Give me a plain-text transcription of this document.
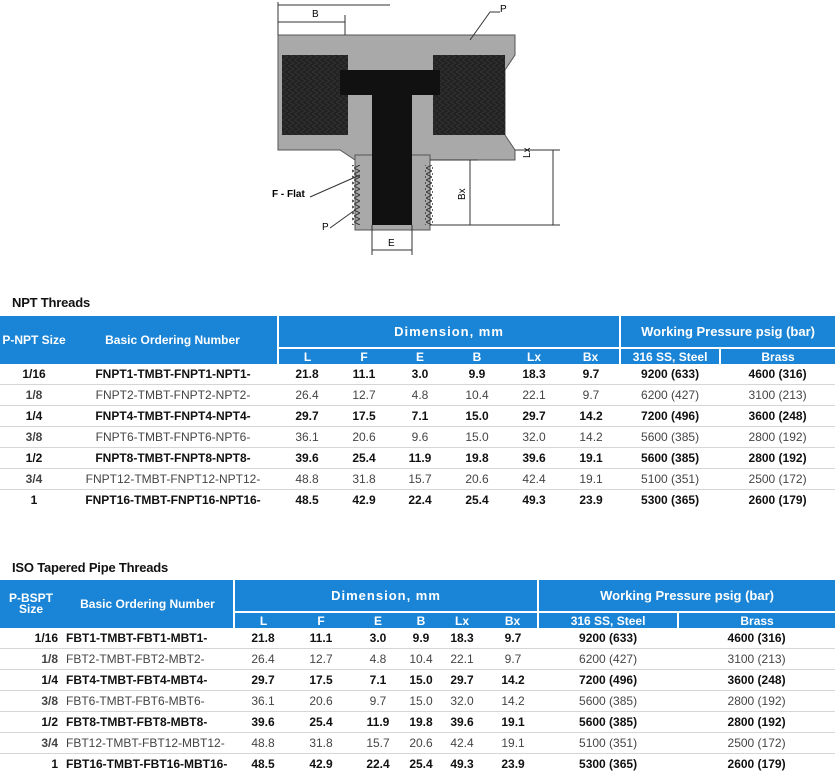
B	P
Lx
Bx
F - Flat
P
E
NPT Threads
P-NPT Size	Basic Ordering Number	Dimension, mm						Working Pressure psig (bar)	
		L	F	E	B	Lx	Bx	316 SS, Steel	Brass
1/16	FNPT1-TMBT-FNPT1-NPT1-	21.8	11.1	3.0	9.9	18.3	9.7	9200 (633)	4600 (316)
1/8	FNPT2-TMBT-FNPT2-NPT2-	26.4	12.7	4.8	10.4	22.1	9.7	6200 (427)	3100 (213)
1/4	FNPT4-TMBT-FNPT4-NPT4-	29.7	17.5	7.1	15.0	29.7	14.2	7200 (496)	3600 (248)
3/8	FNPT6-TMBT-FNPT6-NPT6-	36.1	20.6	9.6	15.0	32.0	14.2	5600 (385)	2800 (192)
1/2	FNPT8-TMBT-FNPT8-NPT8-	39.6	25.4	11.9	19.8	39.6	19.1	5600 (385)	2800 (192)
3/4	FNPT12-TMBT-FNPT12-NPT12-	48.8	31.8	15.7	20.6	42.4	19.1	5100 (351)	2500 (172)
1	FNPT16-TMBT-FNPT16-NPT16-	48.5	42.9	22.4	25.4	49.3	23.9	5300 (365)	2600 (179)
ISO Tapered Pipe Threads
P-BSPT Size	Basic Ordering Number	Dimension, mm						Working Pressure psig (bar)	
		L	F	E	B	Lx	Bx	316 SS, Steel	Brass
1/16	FBT1-TMBT-FBT1-MBT1-	21.8	11.1	3.0	9.9	18.3	9.7	9200 (633)	4600 (316)
1/8	FBT2-TMBT-FBT2-MBT2-	26.4	12.7	4.8	10.4	22.1	9.7	6200 (427)	3100 (213)
1/4	FBT4-TMBT-FBT4-MBT4-	29.7	17.5	7.1	15.0	29.7	14.2	7200 (496)	3600 (248)
3/8	FBT6-TMBT-FBT6-MBT6-	36.1	20.6	9.7	15.0	32.0	14.2	5600 (385)	2800 (192)
1/2	FBT8-TMBT-FBT8-MBT8-	39.6	25.4	11.9	19.8	39.6	19.1	5600 (385)	2800 (192)
3/4	FBT12-TMBT-FBT12-MBT12-	48.8	31.8	15.7	20.6	42.4	19.1	5100 (351)	2500 (172)
1	FBT16-TMBT-FBT16-MBT16-	48.5	42.9	22.4	25.4	49.3	23.9	5300 (365)	2600 (179)
